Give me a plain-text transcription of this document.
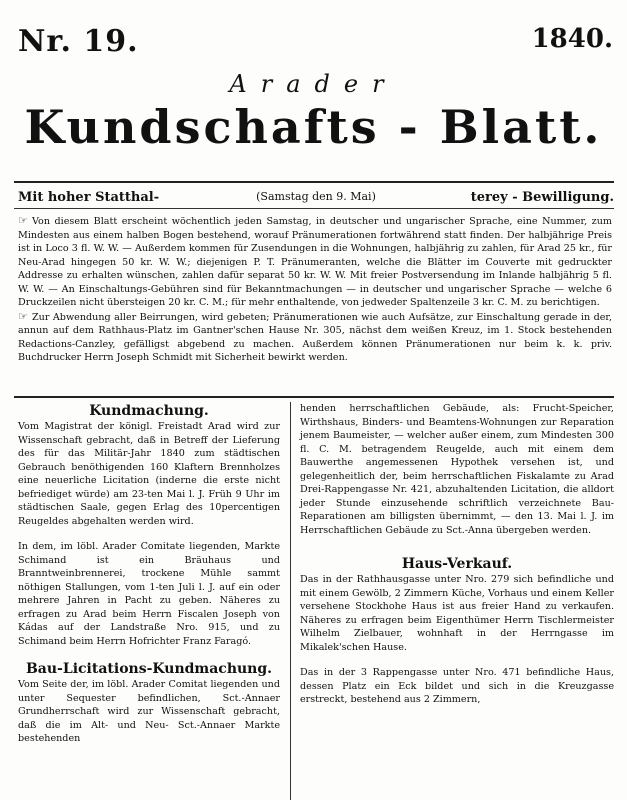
Nr. 19.	1840.
Arader
Kundschafts - Blatt.
Mit hoher Statthal-	(Samstag den 9. Mai)	terey - Bewilligung.

☞ Von diesem Blatt erscheint wöchentlich jeden Samstag, in deutscher und ungarischer Sprache, eine Nummer, zum Mindesten aus einem halben Bogen bestehend, worauf Pränumerationen fortwährend statt finden. Der halbjährige Preis ist in Loco 3 fl. W. W. — Außerdem kommen für Zusendungen in die Wohnungen, halbjährig zu zahlen, für Arad 25 kr., für Neu-Arad hingegen 50 kr. W. W.; diejenigen P. T. Pränumeranten, welche die Blätter im Couverte mit gedruckter Addresse zu erhalten wünschen, zahlen dafür separat 50 kr. W. W. Mit freier Postversendung im Inlande halbjährig 5 fl. W. W. — An Einschaltungs-Gebühren sind für Bekanntmachungen — in deutscher und ungarischer Sprache — welche 6 Druckzeilen nicht übersteigen 20 kr. C. M.; für mehr enthaltende, von jedweder Spaltenzeile 3 kr. C. M. zu berichtigen.

☞ Zur Abwendung aller Beirrungen, wird gebeten; Pränumerationen wie auch Aufsätze, zur Einschaltung gerade in der, annun auf dem Rathhaus-Platz im Gantner'schen Hause Nr. 305, nächst dem weißen Kreuz, im 1. Stock bestehenden Redactions-Canzley, gefälligst abgebend zu machen. Außerdem können Pränumerationen nur beim k. k. priv. Buchdrucker Herrn Joseph Schmidt mit Sicherheit bewirkt werden.

Kundmachung.

Vom Magistrat der königl. Freistadt Arad wird zur Wissenschaft gebracht, daß in Betreff der Lieferung des für das Militär-Jahr 1840 zum städtischen Gebrauch benöthigenden 160 Klaftern Brennholzes eine neuerliche Licitation (inderne die erste nicht befriediget würde) am 23-ten Mai l. J. Früh 9 Uhr im städtischen Saale, gegen Erlag des 10percentigen Reugeldes abgehalten werden wird.

In dem, im löbl. Arader Comitate liegenden, Markte Schimand ist ein Bräuhaus und Branntweinbrennerei, trockene Mühle sammt nöthigen Stallungen, vom 1-ten Juli l. J. auf ein oder mehrere Jahren in Pacht zu geben. Näheres zu erfragen zu Arad beim Herrn Fiscalen Joseph von Kádas auf der Landstraße Nro. 915, und zu Schimand beim Herrn Hofrichter Franz Faragó.

Bau-Licitations-Kundmachung.

Vom Seite der, im löbl. Arader Comitat liegenden und unter Sequester befindlichen, Sct.-Annaer Grundherrschaft wird zur Wissenschaft gebracht, daß die im Alt- und Neu- Sct.-Annaer Markte bestehenden

henden herrschaftlichen Gebäude, als: Frucht-Speicher, Wirthshaus, Binders- und Beamtens-Wohnungen zur Reparation jenem Baumeister, — welcher außer einem, zum Mindesten 300 fl. C. M. betragendem Reugelde, auch mit einem dem Bauwerthe angemessenen Hypothek versehen ist, und gelegenheitlich der, beim herrschaftlichen Fiskalamte zu Arad Drei-Rappengasse Nr. 421, abzuhaltenden Licitation, die alldort jeder Stunde einzusehende schriftlich verzeichnete Bau-Reparationen am billigsten übernimmt, — den 13. Mai l. J. im Herrschaftlichen Gebäude zu Sct.-Anna übergeben werden.

Haus-Verkauf.

Das in der Rathhausgasse unter Nro. 279 sich befindliche und mit einem Gewölb, 2 Zimmern Küche, Vorhaus und einem Keller versehene Stockhohe Haus ist aus freier Hand zu verkaufen. Näheres zu erfragen beim Eigenthümer Herrn Tischlermeister Wilhelm Zielbauer, wohnhaft in der Herrngasse im Mikalek'schen Hause.

Das in der 3 Rappengasse unter Nro. 471 befindliche Haus, dessen Platz ein Eck bildet und sich in die Kreuzgasse erstreckt, bestehend aus 2 Zimmern,
